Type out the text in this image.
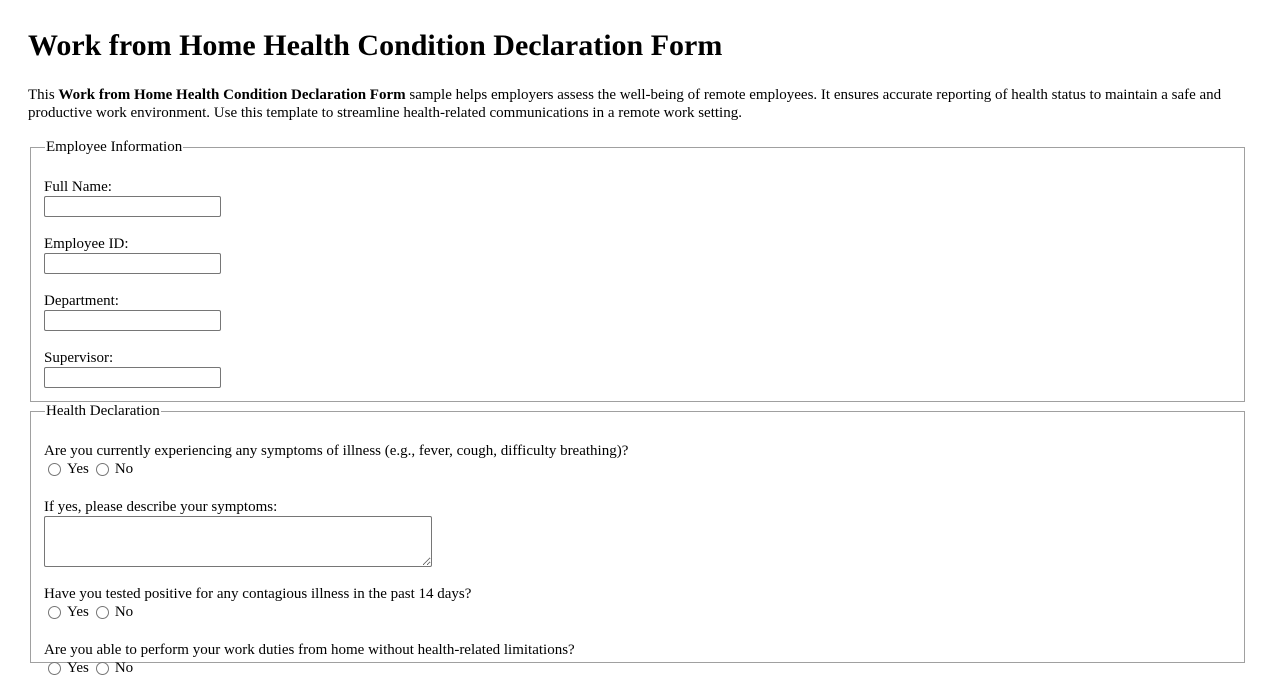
Work from Home Health Condition Declaration Form

This Work from Home Health Condition Declaration Form sample helps employers assess the well-being of remote employees. It ensures accurate reporting of health status to maintain a safe and productive work environment. Use this template to streamline health-related communications in a remote work setting.

Employee Information
Full Name:
Employee ID:
Department:
Supervisor:
Health Declaration
Are you currently experiencing any symptoms of illness (e.g., fever, cough, difficulty breathing)?
Yes No
If yes, please describe your symptoms:
Have you tested positive for any contagious illness in the past 14 days?
Yes No
Are you able to perform your work duties from home without health-related limitations?
Yes No
